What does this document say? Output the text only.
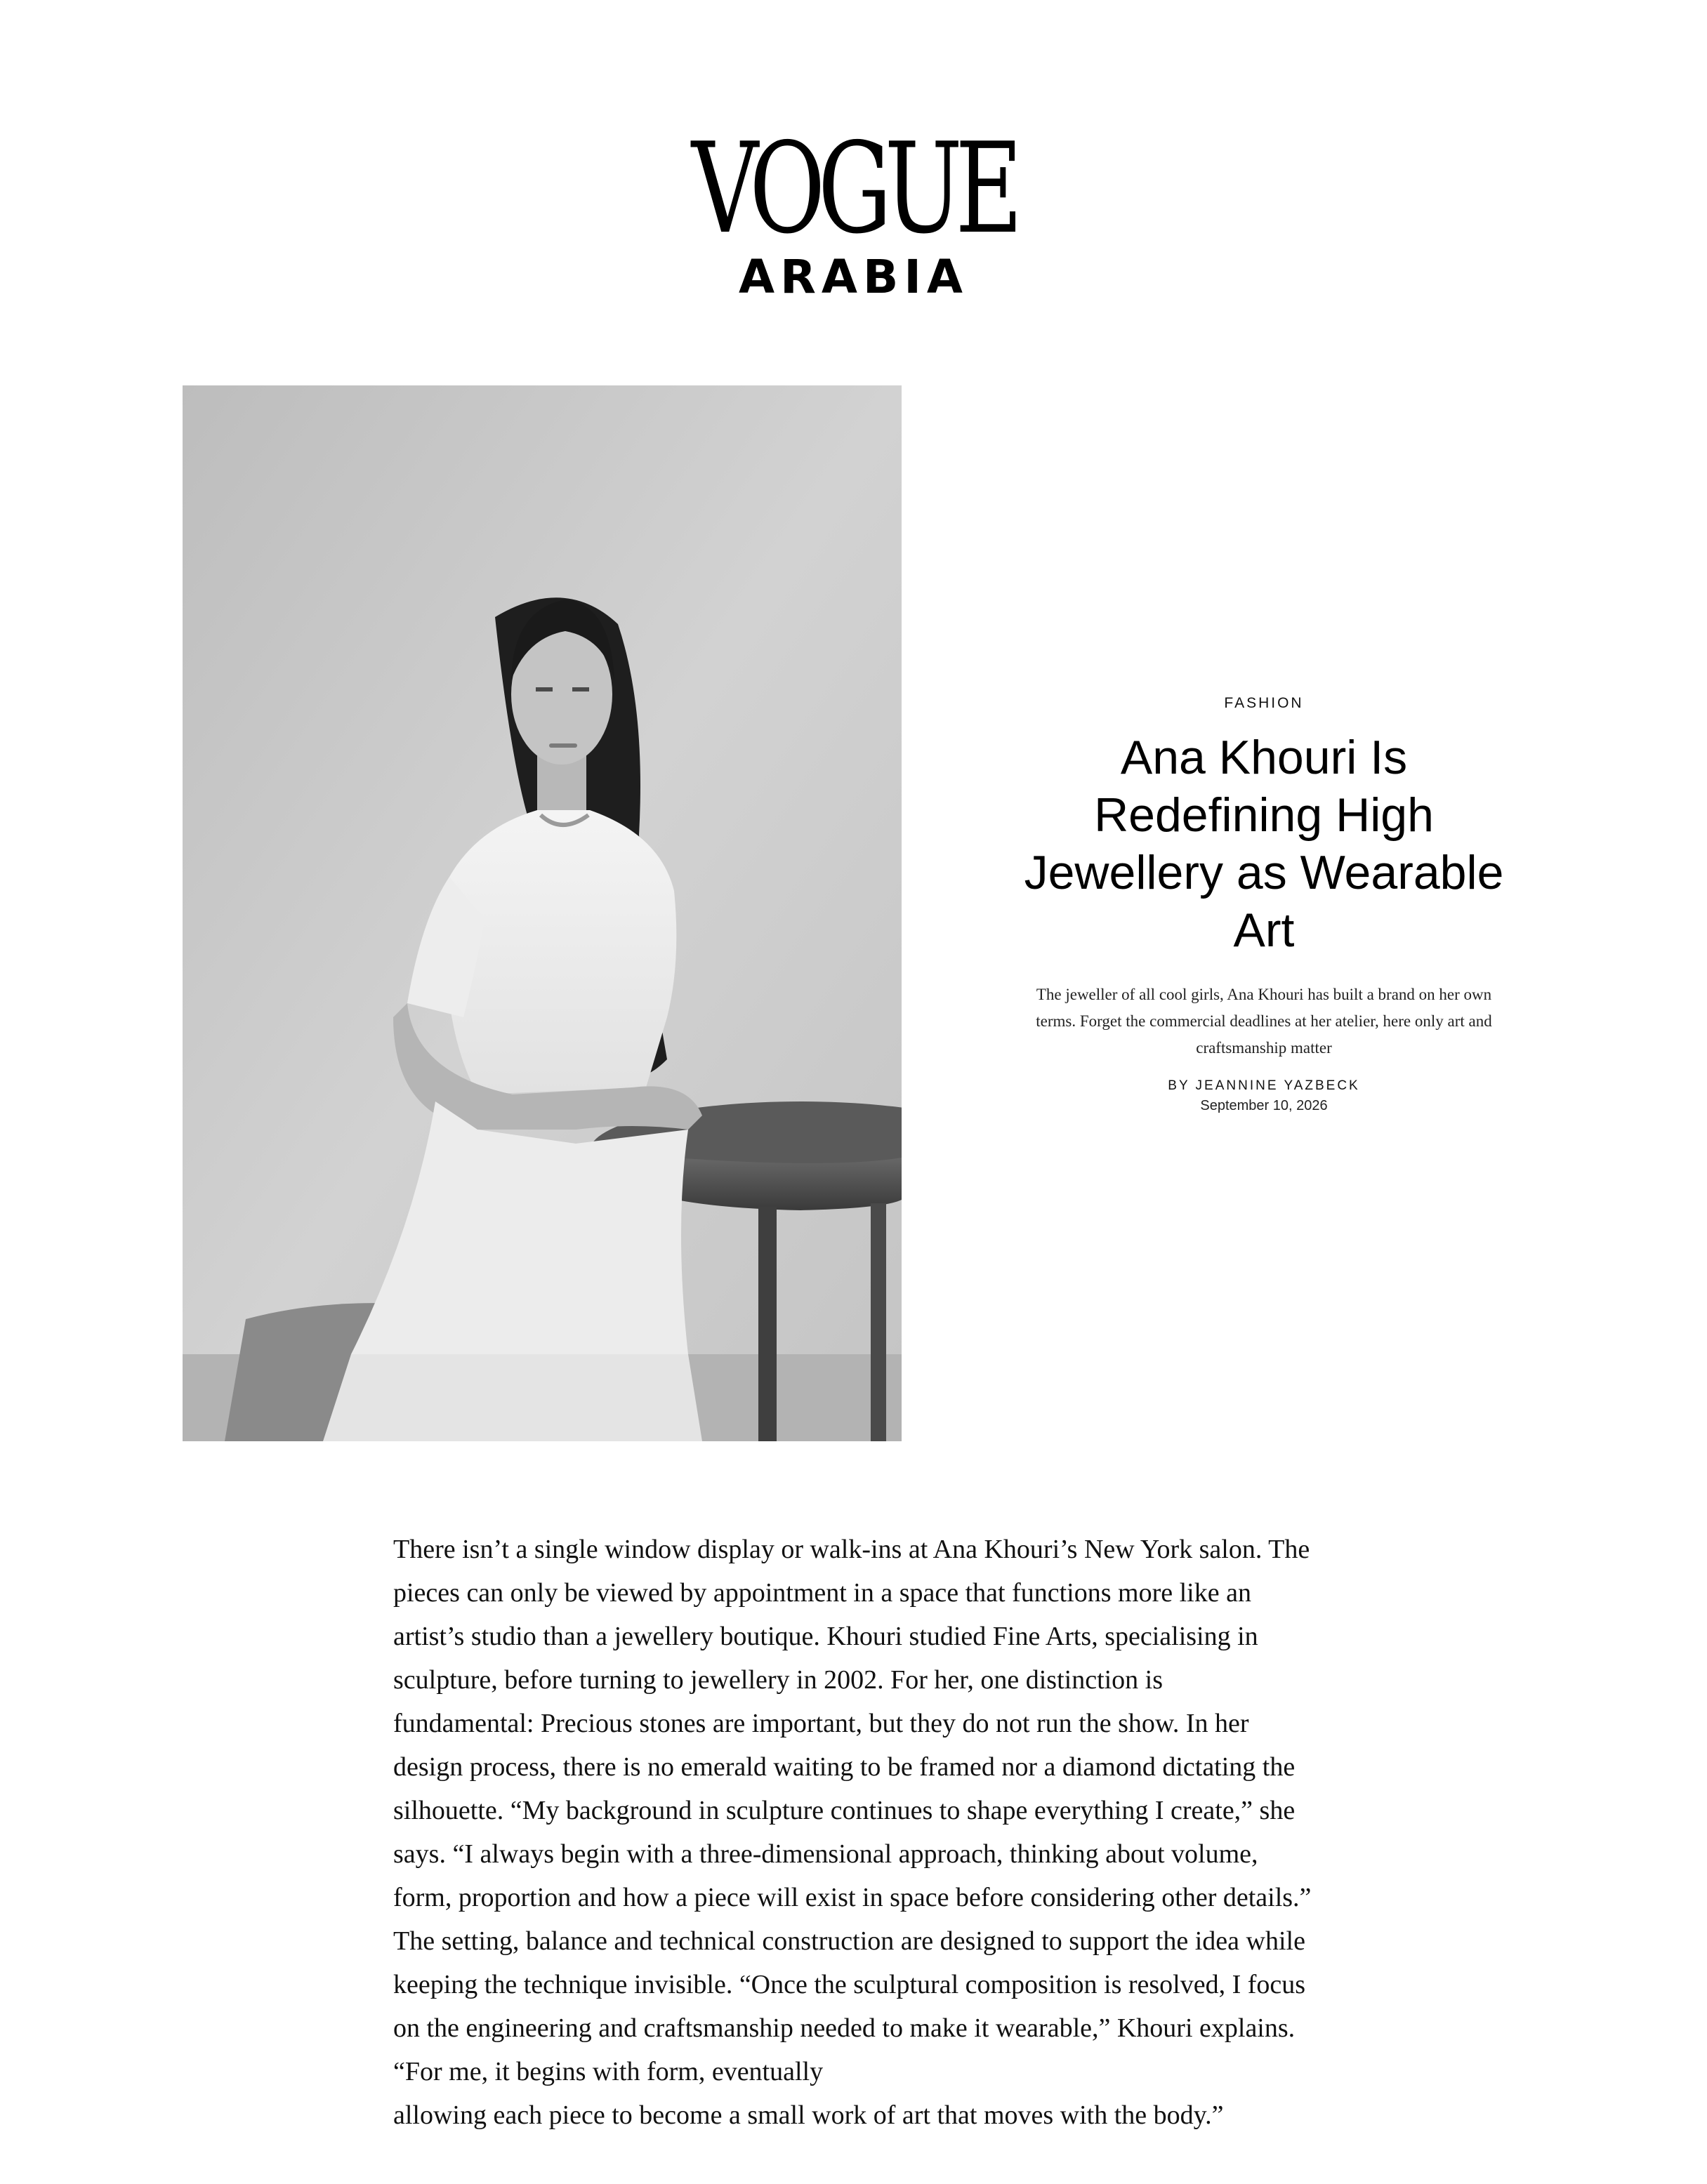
VOGUE
ARABIA

FASHION

Ana Khouri Is
Redefining High
Jewellery as Wearable
Art

The jeweller of all cool girls, Ana Khouri has built a brand on her own
terms. Forget the commercial deadlines at her atelier, here only art and
craftsmanship matter

BY JEANNINE YAZBECK

September 10, 2026

There isn’t a single window display or walk-ins at Ana Khouri’s New York salon. The
pieces can only be viewed by appointment in a space that functions more like an
artist’s studio than a jewellery boutique. Khouri studied Fine Arts, specialising in
sculpture, before turning to jewellery in 2002. For her, one distinction is
fundamental: Precious stones are important, but they do not run the show. In her
design process, there is no emerald waiting to be framed nor a diamond dictating the
silhouette. “My background in sculpture continues to shape everything I create,” she
says. “I always begin with a three-dimensional approach, thinking about volume,
form, proportion and how a piece will exist in space before considering other details.”
The setting, balance and technical construction are designed to support the idea while
keeping the technique invisible. “Once the sculptural composition is resolved, I focus
on the engineering and craftsmanship needed to make it wearable,” Khouri explains.
“For me, it begins with form, eventually
allowing each piece to become a small work of art that moves with the body.”
